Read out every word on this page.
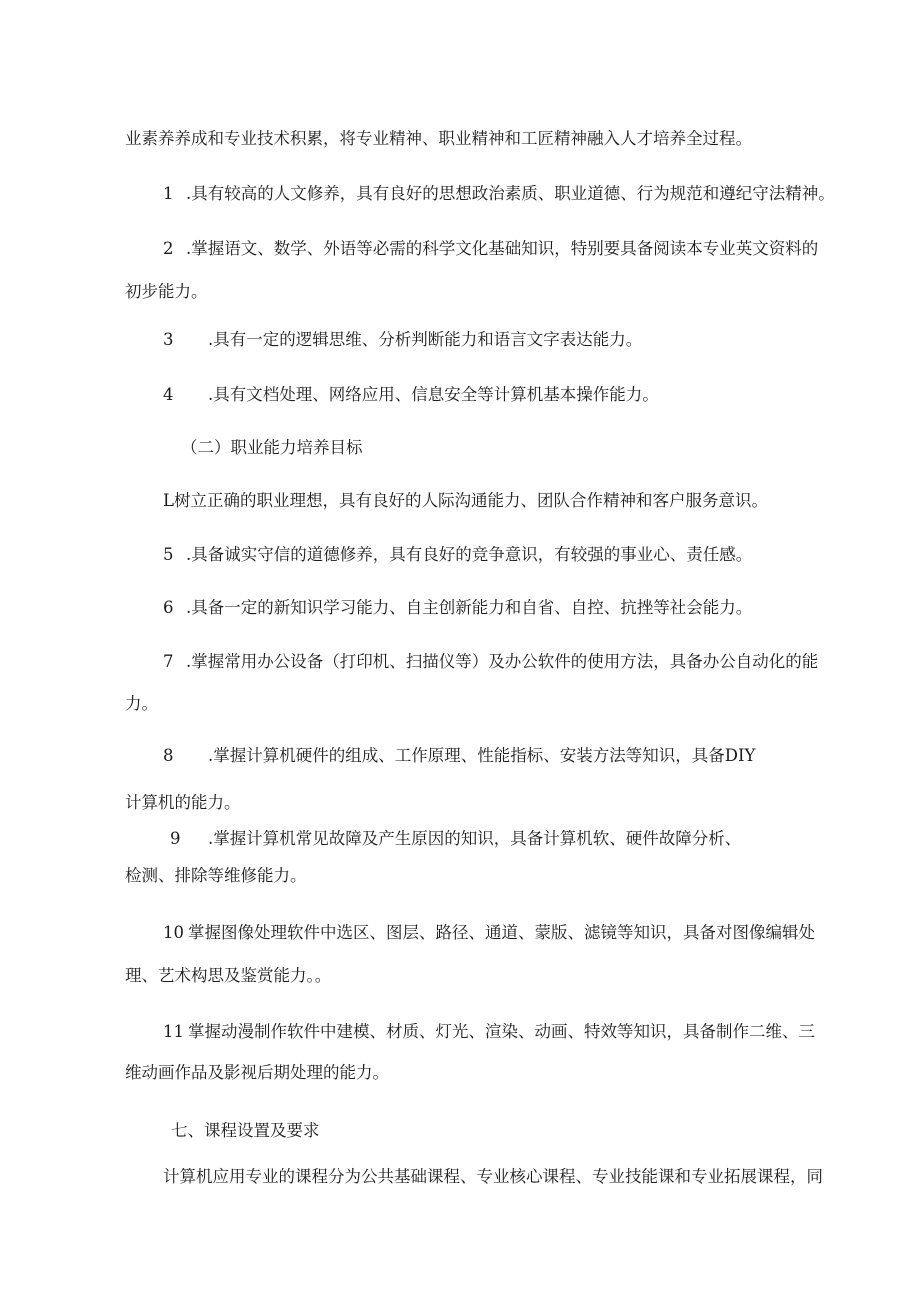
业素养养成和专业技术积累，将专业精神、职业精神和工匠精神融入人才培养全过程。

1 .具有较高的人文修养，具有良好的思想政治素质、职业道德、行为规范和遵纪守法精神。
2 .掌握语文、数学、外语等必需的科学文化基础知识，特别要具备阅读本专业英文资料的
初步能力。
3 .具有一定的逻辑思维、分析判断能力和语言文字表达能力。
4 .具有文档处理、网络应用、信息安全等计算机基本操作能力。

（二）职业能力培养目标

L树立正确的职业理想，具有良好的人际沟通能力、团队合作精神和客户服务意识。
5 .具备诚实守信的道德修养，具有良好的竞争意识，有较强的事业心、责任感。
6 .具备一定的新知识学习能力、自主创新能力和自省、自控、抗挫等社会能力。
7 .掌握常用办公设备（打印机、扫描仪等）及办公软件的使用方法，具备办公自动化的能
力。
8 .掌握计算机硬件的组成、工作原理、性能指标、安装方法等知识，具备DIY
计算机的能力。
9 .掌握计算机常见故障及产生原因的知识，具备计算机软、硬件故障分析、
检测、排除等维修能力。
10 掌握图像处理软件中选区、图层、路径、通道、蒙版、滤镜等知识，具备对图像编辑处
理、艺术构思及鉴赏能力。。
11 掌握动漫制作软件中建模、材质、灯光、渲染、动画、特效等知识，具备制作二维、三
维动画作品及影视后期处理的能力。

七、课程设置及要求

计算机应用专业的课程分为公共基础课程、专业核心课程、专业技能课和专业拓展课程，同
